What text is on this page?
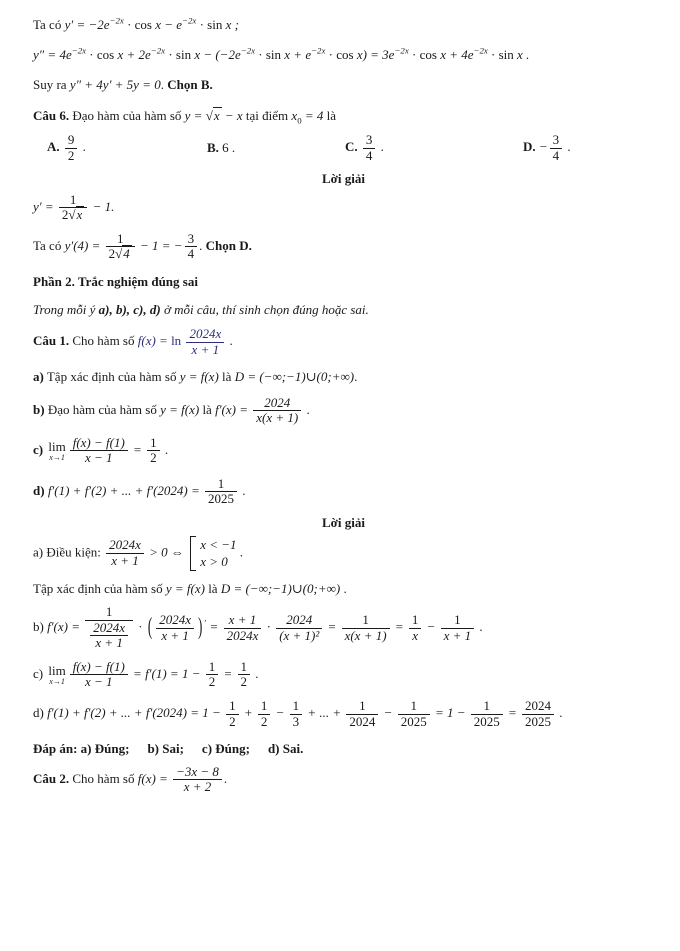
Ta có $y' = -2e^{-2x} \cdot \cos x - e^{-2x} \cdot \sin x$ ;
$y'' = 4e^{-2x} \cdot \cos x + 2e^{-2x} \cdot \sin x - (-2e^{-2x} \cdot \sin x + e^{-2x} \cdot \cos x) = 3e^{-2x} \cdot \cos x + 4e^{-2x} \cdot \sin x$ .
Suy ra y″ + 4y′ + 5y = 0. Chọn B.
Câu 6. Đạo hàm của hàm số y = √x − x tại điểm $x_0 = 4$ là
A. $\frac{9}{2}$ .	B. 6 .	C. $\frac{3}{4}$ .	D. − $\frac{3}{4}$ .
Lời giải
$y' = \frac{1}{2√x} - 1$.
Ta có $y'(4) = \frac{1}{2√4} - 1$ = − $\frac{3}{4}$ . Chọn D.
Phần 2. Trắc nghiệm đúng sai
Trong mỗi ý a), b), c), d) ở mỗi câu, thí sinh chọn đúng hoặc sai.
Câu 1. Cho hàm số $f(x) = \ln \frac{2024x}{x + 1}$ .
a) Tập xác định của hàm số y = f(x) là D = (−∞;−1)∪(0;+∞).
b) Đạo hàm của hàm số y = f(x) là $f'(x) = \frac{2024}{x(x + 1)}$ .
c) lim
$x\to 1 \frac{f(x) - f(1)}{x - 1} = \frac{1}{2}$ .
d) f′(1) + f′(2) + ... + $f'(2024) = \frac{1}{2025}$ .
Lời giải
a) Điều kiện: $\frac{2024x}{x + 1} > 0$ ⇔
x < −1
x > 0
.
Tập xác định của hàm số y = f(x) là D = (−∞;−1)∪(0;+∞) .
b) $f'(x) = \frac{1}{\frac{2024x}{x + 1}}$ · ( $\frac{2024x}{x + 1}$ ) $' = \frac{x + 1}{2024x} \cdot \frac{2024}{\text{(x + 1)²}} = \frac{1}{x(x + 1)} = \frac{1}{x} - \frac{1}{x + 1}$ .
c) lim
$x\to 1 \frac{f(x) - f(1)}{x - 1} = f'(1) = 1 - \frac{1}{2} = \frac{1}{2}$ .
d) f′(1) + f′(2) + ... + $f'(2024) = 1 - \frac{1}{2} + \frac{1}{2} - \frac{1}{3}$ + ... + $\frac{1}{2024} - \frac{1}{2025} = 1 - \frac{1}{2025} = \frac{2024}{2025}$ .
Đáp án: a) Đúng; b) Sai; c) Đúng; d) Sai.
Câu 2. Cho hàm số $f(x) = \frac{-3x - 8}{x + 2}$ .
